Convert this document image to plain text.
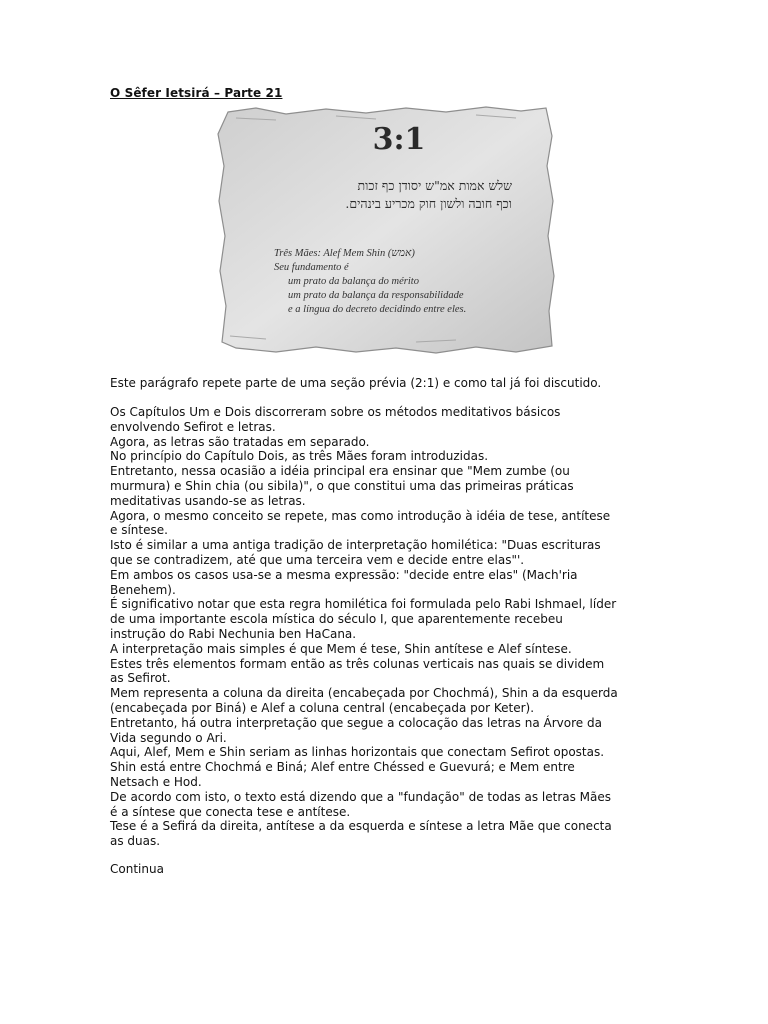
O Sêfer Ietsirá – Parte 21
3:1
שלש אמות אמ"ש יסודן כף זכות
וכף חובה ולשון חוק מכריע בינהים.
Três Mães: Alef Mem Shin (אמש)
Seu fundamento é
um prato da balança do mérito
um prato da balança da responsabilidade
e a língua do decreto decidindo entre eles.
Este parágrafo repete parte de uma seção prévia (2:1) e como tal já foi discutido.
Os Capítulos Um e Dois discorreram sobre os métodos meditativos básicos
envolvendo Sefirot e letras.
Agora, as letras são tratadas em separado.
No princípio do Capítulo Dois, as três Mães foram introduzidas.
Entretanto, nessa ocasião a idéia principal era ensinar que "Mem zumbe (ou
murmura) e Shin chia (ou sibila)", o que constitui uma das primeiras práticas
meditativas usando-se as letras.
Agora, o mesmo conceito se repete, mas como introdução à idéia de tese, antítese
e síntese.
Isto é similar a uma antiga tradição de interpretação homilética: "Duas escrituras
que se contradizem, até que uma terceira vem e decide entre elas"'.
Em ambos os casos usa-se a mesma expressão: "decide entre elas" (Mach'ria
Benehem).
É significativo notar que esta regra homilética foi formulada pelo Rabi Ishmael, líder
de uma importante escola mística do século I, que aparentemente recebeu
instrução do Rabi Nechunia ben HaCana.
A interpretação mais simples é que Mem é tese, Shin antítese e Alef síntese.
Estes três elementos formam então as três colunas verticais nas quais se dividem
as Sefirot.
Mem representa a coluna da direita (encabeçada por Chochmá), Shin a da esquerda
(encabeçada por Biná) e Alef a coluna central (encabeçada por Keter).
Entretanto, há outra interpretação que segue a colocação das letras na Árvore da
Vida segundo o Ari.
Aqui, Alef, Mem e Shin seriam as linhas horizontais que conectam Sefirot opostas.
Shin está entre Chochmá e Biná; Alef entre Chéssed e Guevurá; e Mem entre
Netsach e Hod.
De acordo com isto, o texto está dizendo que a "fundação" de todas as letras Mães
é a síntese que conecta tese e antítese.
Tese é a Sefirá da direita, antítese a da esquerda e síntese a letra Mãe que conecta
as duas.
Continua
